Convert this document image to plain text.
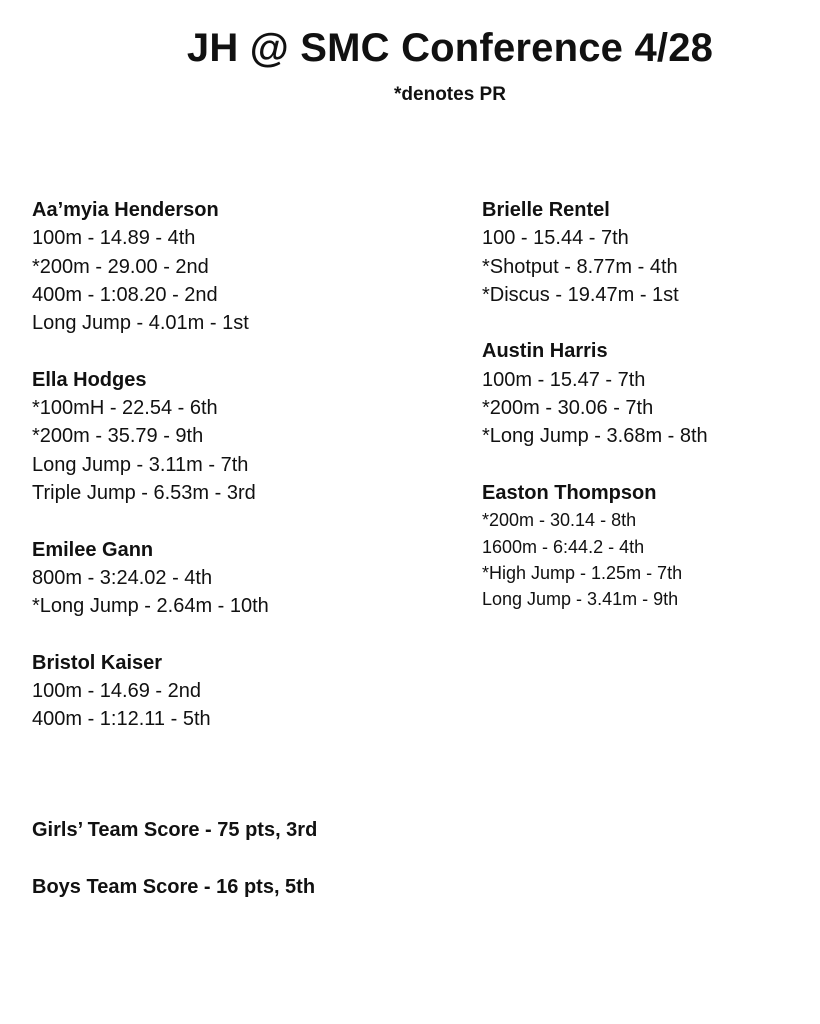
JH @ SMC Conference 4/28

*denotes PR

Aa’myia Henderson
100m - 14.89 - 4th
*200m - 29.00 - 2nd
400m - 1:08.20 - 2nd
Long Jump - 4.01m - 1st
Ella Hodges
*100mH - 22.54 - 6th
*200m - 35.79 - 9th
Long Jump - 3.11m - 7th
Triple Jump - 6.53m - 3rd
Emilee Gann
800m - 3:24.02 - 4th
*Long Jump - 2.64m - 10th
Bristol Kaiser
100m - 14.69 - 2nd
400m - 1:12.11 - 5th
Brielle Rentel
100 - 15.44 - 7th
*Shotput - 8.77m - 4th
*Discus - 19.47m - 1st
Austin Harris
100m - 15.47 - 7th
*200m - 30.06 - 7th
*Long Jump - 3.68m - 8th
Easton Thompson
*200m - 30.14 - 8th
1600m - 6:44.2 - 4th
*High Jump - 1.25m - 7th
Long Jump - 3.41m - 9th

Girls’ Team Score - 75 pts, 3rd

Boys Team Score - 16 pts, 5th
